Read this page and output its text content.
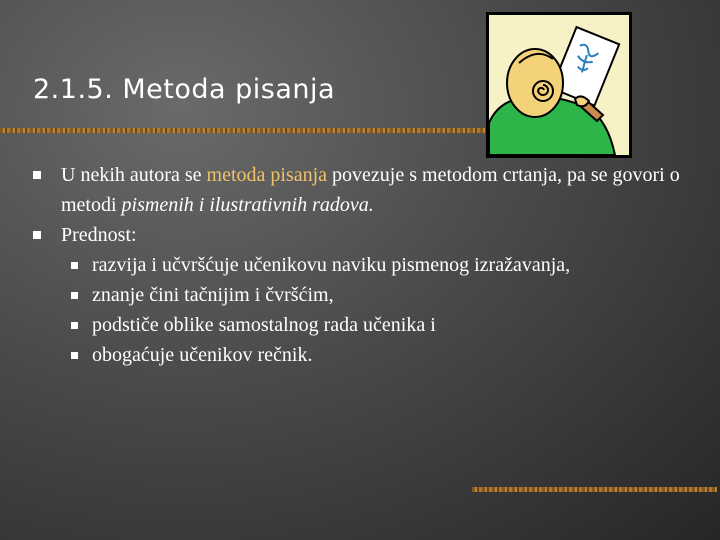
2.1.5. Metoda pisanja
U nekih autora se metoda pisanja povezuje s metodom crtanja, pa se govori o metodi pismenih i ilustrativnih radova.
Prednost:
razvija i učvršćuje učenikovu naviku pismenog izražavanja,
znanje čini tačnijim i čvršćim,
podstiče oblike samostalnog rada učenika i
obogaćuje učenikov rečnik.
